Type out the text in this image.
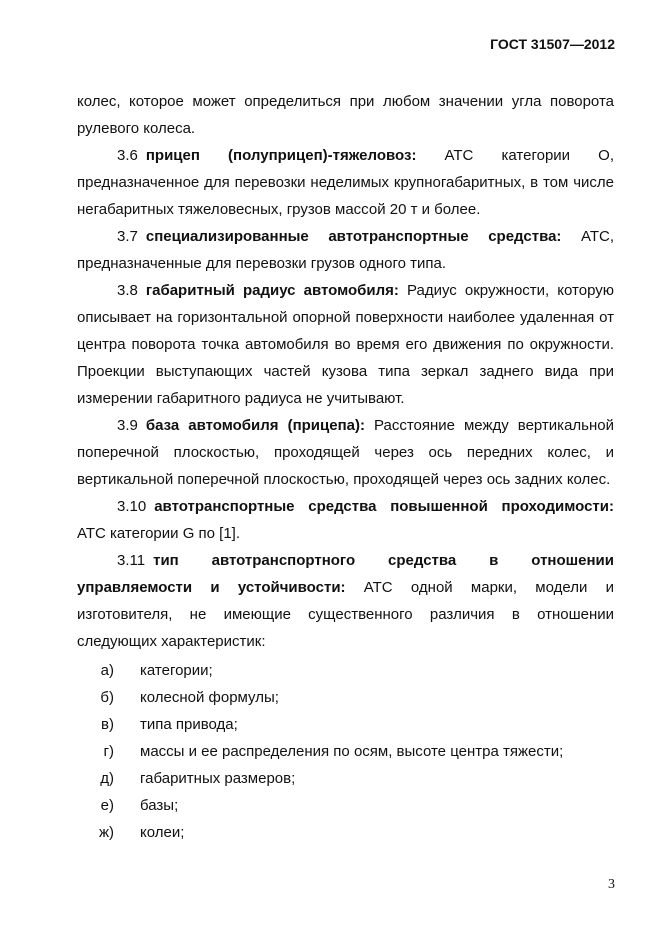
ГОСТ 31507—2012

колес, которое может определиться при любом значении угла поворота рулевого колеса.

3.6 прицеп (полуприцеп)-тяжеловоз: АТС категории О, предназначенное для перевозки неделимых крупногабаритных, в том числе негабаритных тяжеловесных, грузов массой 20 т и более.

3.7 специализированные автотранспортные средства: АТС, предназначенные для перевозки грузов одного типа.

3.8 габаритный радиус автомобиля: Радиус окружности, которую описывает на горизонтальной опорной поверхности наиболее удаленная от центра поворота точка автомобиля во время его движения по окружности. Проекции выступающих частей кузова типа зеркал заднего вида при измерении габаритного радиуса не учитывают.

3.9 база автомобиля (прицепа): Расстояние между вертикальной поперечной плоскостью, проходящей через ось передних колес, и вертикальной поперечной плоскостью, проходящей через ось задних колес.

3.10 автотранспортные средства повышенной проходимости: АТС категории G по [1].

3.11 тип автотранспортного средства в отношении управляемости и устойчивости: АТС одной марки, модели и изготовителя, не имеющие существенного различия в отношении следующих характеристик:

а)	категории;
б)	колесной формулы;
в)	типа привода;
г)	массы и ее распределения по осям, высоте центра тяжести;
д)	габаритных размеров;
е)	базы;
ж)	колеи;
3
